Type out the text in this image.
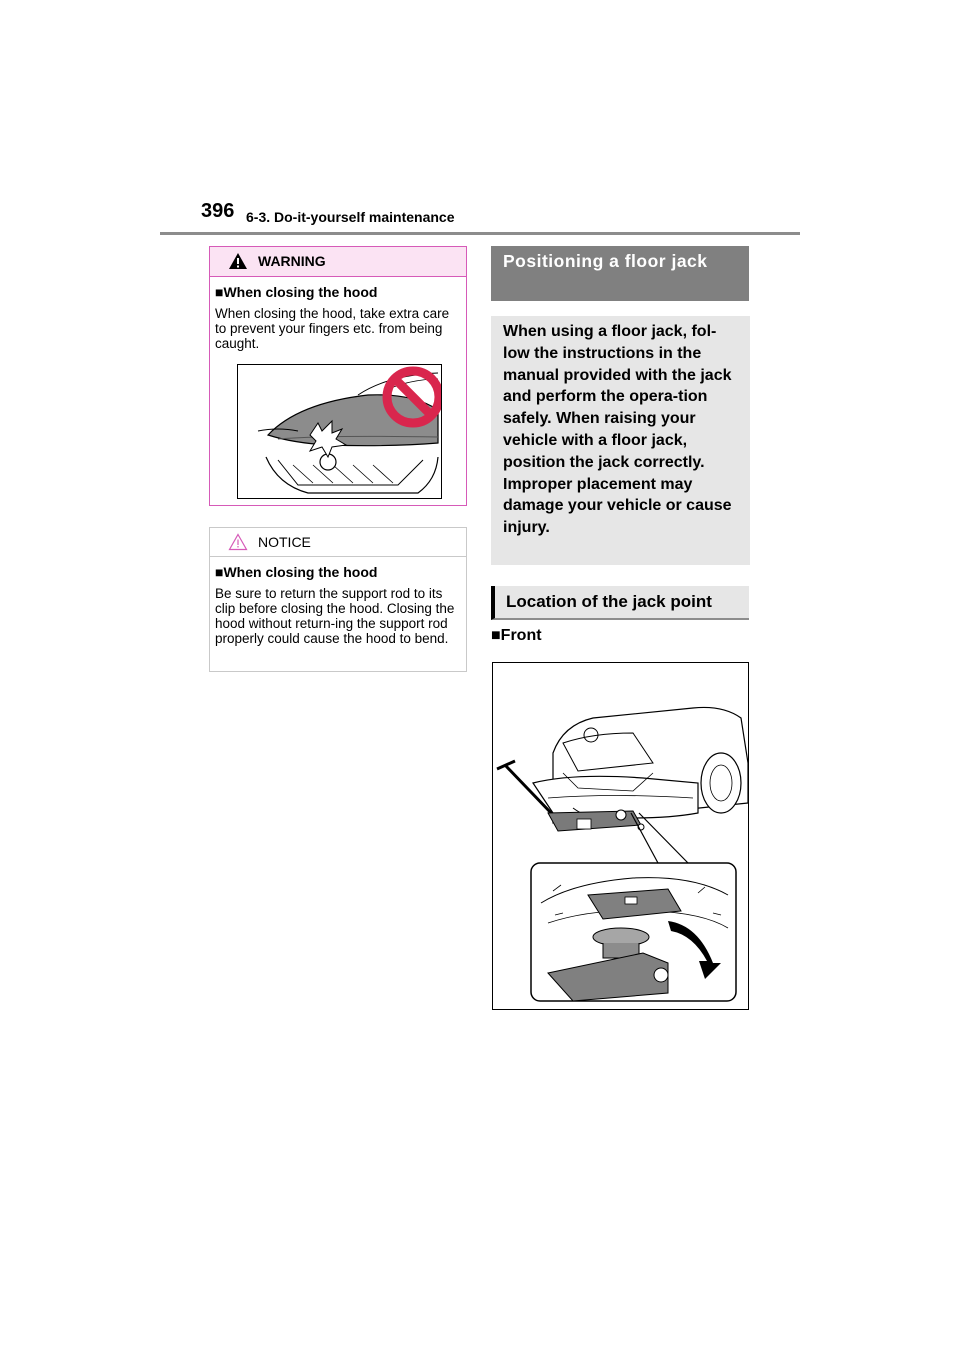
396 6-3. Do-it-yourself maintenance
WARNING
■When closing the hood
When closing the hood, take extra care to prevent your fingers etc. from being caught.
NOTICE
■When closing the hood
Be sure to return the support rod to its clip before closing the hood. Closing the hood without return-ing the support rod properly could cause the hood to bend.
Positioning a floor jack
When using a floor jack, fol-low the instructions in the manual provided with the jack and perform the opera-tion safely. When raising your vehicle with a floor jack, position the jack correctly. Improper placement may damage your vehicle or cause injury.
Location of the jack point
■Front
